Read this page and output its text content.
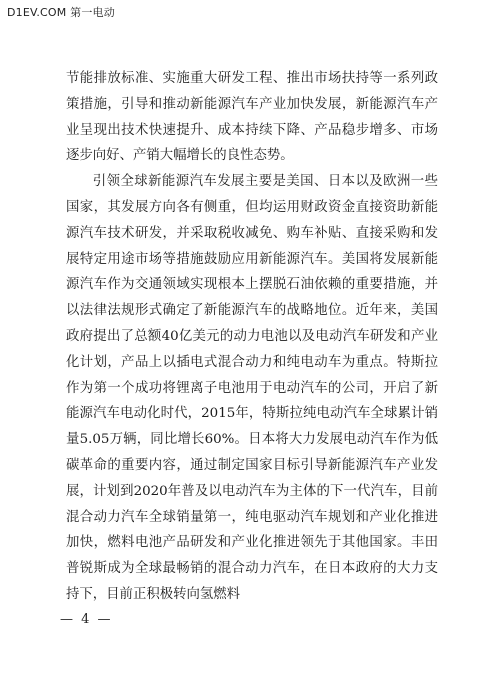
D1EV.COM 第一电动

节能排放标准、实施重大研发工程、推出市场扶持等一系列政策措施，引导和推动新能源汽车产业加快发展，新能源汽车产业呈现出技术快速提升、成本持续下降、产品稳步增多、市场逐步向好、产销大幅增长的良性态势。

引领全球新能源汽车发展主要是美国、日本以及欧洲一些国家，其发展方向各有侧重，但均运用财政资金直接资助新能源汽车技术研发，并采取税收减免、购车补贴、直接采购和发展特定用途市场等措施鼓励应用新能源汽车。美国将发展新能源汽车作为交通领域实现根本上摆脱石油依赖的重要措施，并以法律法规形式确定了新能源汽车的战略地位。近年来，美国政府提出了总额40亿美元的动力电池以及电动汽车研发和产业化计划，产品上以插电式混合动力和纯电动车为重点。特斯拉作为第一个成功将锂离子电池用于电动汽车的公司，开启了新能源汽车电动化时代，2015年，特斯拉纯电动汽车全球累计销量5.05万辆，同比增长60%。日本将大力发展电动汽车作为低碳革命的重要内容，通过制定国家目标引导新能源汽车产业发展，计划到2020年普及以电动汽车为主体的下一代汽车，目前混合动力汽车全球销量第一，纯电驱动汽车规划和产业化推进加快，燃料电池产品研发和产业化推进领先于其他国家。丰田普锐斯成为全球最畅销的混合动力汽车，在日本政府的大力支持下，目前正积极转向氢燃料

— 4 —
